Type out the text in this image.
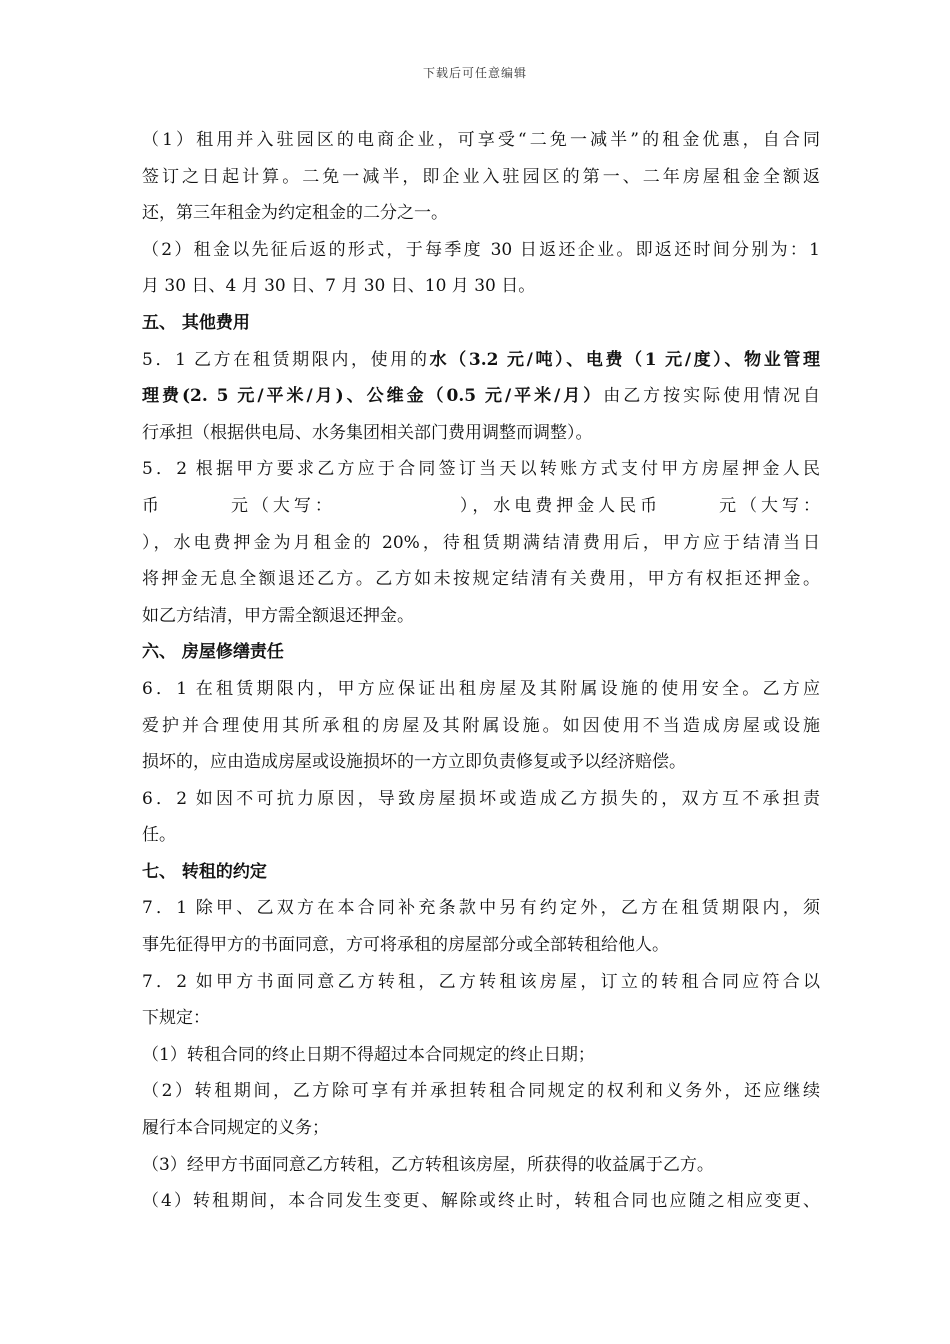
下载后可任意编辑
（1）租用并入驻园区的电商企业，可享受“二免一减半”的租金优惠，自合同
签订之日起计算。二免一减半，即企业入驻园区的第一、二年房屋租金全额返
还，第三年租金为约定租金的二分之一。
（2）租金以先征后返的形式，于每季度 30 日返还企业。即返还时间分别为：1
月 30 日、4 月 30 日、7 月 30 日、10 月 30 日。
五、 其他费用
5．1 乙方在租赁期限内，使用的水（3.2 元/吨）、电费（1 元/度）、物业管理
理费(2. 5 元/平米/月)、公维金（0.5 元/平米/月）由乙方按实际使用情况自
行承担（根据供电局、水务集团相关部门费用调整而调整）。
5．2 根据甲方要求乙方应于合同签订当天以转账方式支付甲方房屋押金人民
币	元（大写：	），水电费押金人民币	元（大写：
），水电费押金为月租金的 20%，待租赁期满结清费用后，甲方应于结清当日
将押金无息全额退还乙方。乙方如未按规定结清有关费用，甲方有权拒还押金。
如乙方结清，甲方需全额退还押金。
六、 房屋修缮责任
6．1 在租赁期限内，甲方应保证出租房屋及其附属设施的使用安全。乙方应
爱护并合理使用其所承租的房屋及其附属设施。如因使用不当造成房屋或设施
损坏的，应由造成房屋或设施损坏的一方立即负责修复或予以经济赔偿。
6．2 如因不可抗力原因，导致房屋损坏或造成乙方损失的，双方互不承担责
任。
七、 转租的约定
7．1 除甲、乙双方在本合同补充条款中另有约定外，乙方在租赁期限内，须
事先征得甲方的书面同意，方可将承租的房屋部分或全部转租给他人。
7．2 如甲方书面同意乙方转租，乙方转租该房屋，订立的转租合同应符合以
下规定：
（1）转租合同的终止日期不得超过本合同规定的终止日期；
（2）转租期间，乙方除可享有并承担转租合同规定的权利和义务外，还应继续
履行本合同规定的义务；
（3）经甲方书面同意乙方转租，乙方转租该房屋，所获得的收益属于乙方。
（4）转租期间，本合同发生变更、解除或终止时，转租合同也应随之相应变更、
